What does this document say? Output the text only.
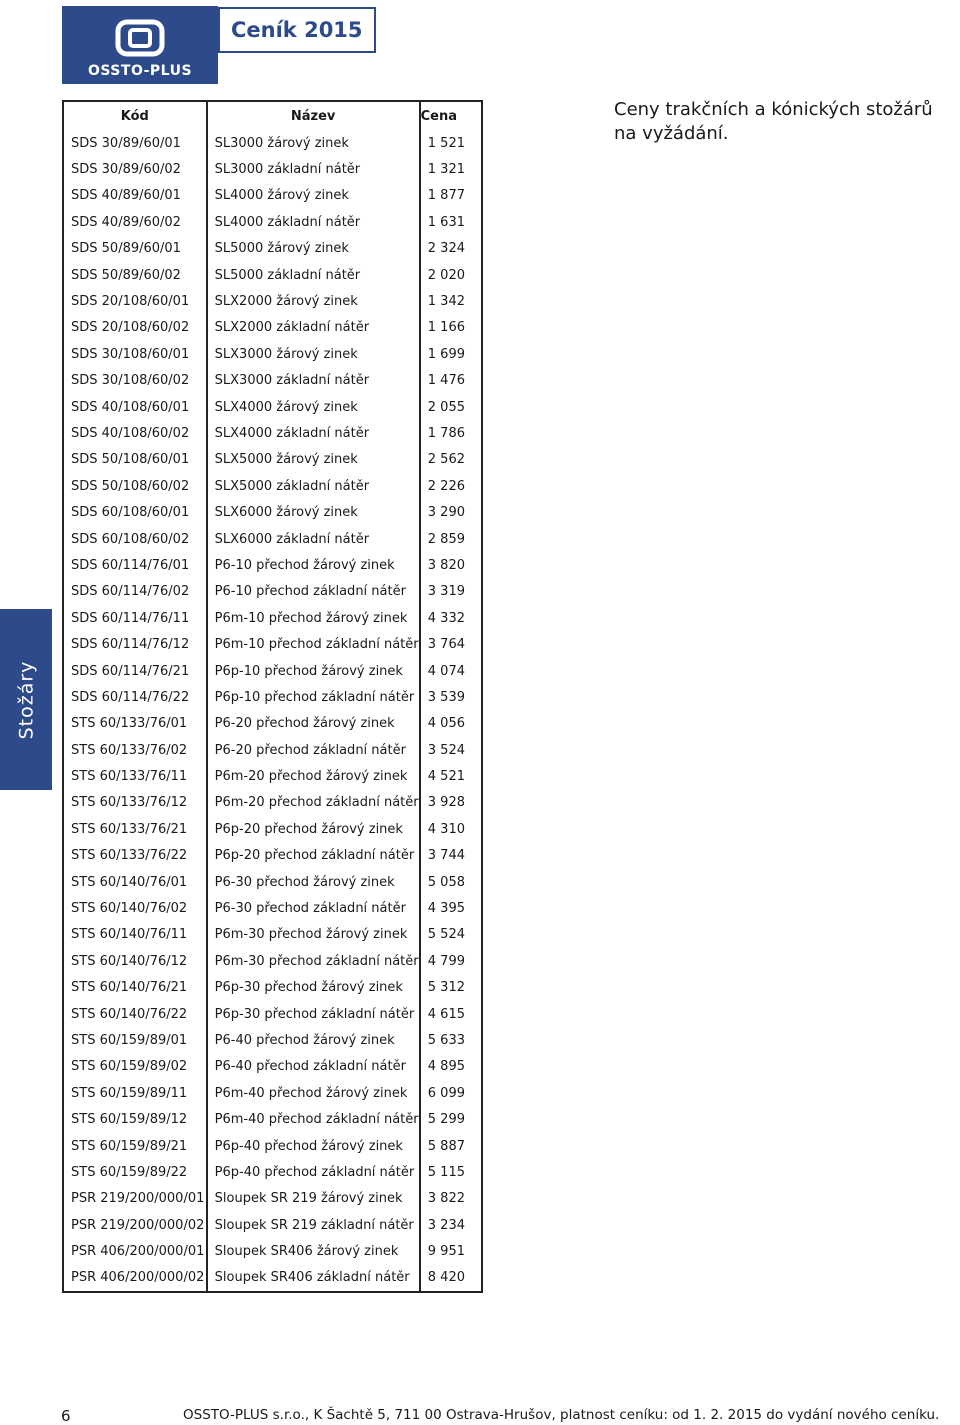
OSSTO-PLUS
Ceník 2015
Stožáry
Kód	Název	Cena
SDS 30/89/60/01	SL3000 žárový zinek	1 521
SDS 30/89/60/02	SL3000 základní nátěr	1 321
SDS 40/89/60/01	SL4000 žárový zinek	1 877
SDS 40/89/60/02	SL4000 základní nátěr	1 631
SDS 50/89/60/01	SL5000 žárový zinek	2 324
SDS 50/89/60/02	SL5000 základní nátěr	2 020
SDS 20/108/60/01	SLX2000 žárový zinek	1 342
SDS 20/108/60/02	SLX2000 základní nátěr	1 166
SDS 30/108/60/01	SLX3000 žárový zinek	1 699
SDS 30/108/60/02	SLX3000 základní nátěr	1 476
SDS 40/108/60/01	SLX4000 žárový zinek	2 055
SDS 40/108/60/02	SLX4000 základní nátěr	1 786
SDS 50/108/60/01	SLX5000 žárový zinek	2 562
SDS 50/108/60/02	SLX5000 základní nátěr	2 226
SDS 60/108/60/01	SLX6000 žárový zinek	3 290
SDS 60/108/60/02	SLX6000 základní nátěr	2 859
SDS 60/114/76/01	P6-10 přechod žárový zinek	3 820
SDS 60/114/76/02	P6-10 přechod základní nátěr	3 319
SDS 60/114/76/11	P6m-10 přechod žárový zinek	4 332
SDS 60/114/76/12	P6m-10 přechod základní nátěr	3 764
SDS 60/114/76/21	P6p-10 přechod žárový zinek	4 074
SDS 60/114/76/22	P6p-10 přechod základní nátěr	3 539
STS 60/133/76/01	P6-20 přechod žárový zinek	4 056
STS 60/133/76/02	P6-20 přechod základní nátěr	3 524
STS 60/133/76/11	P6m-20 přechod žárový zinek	4 521
STS 60/133/76/12	P6m-20 přechod základní nátěr	3 928
STS 60/133/76/21	P6p-20 přechod žárový zinek	4 310
STS 60/133/76/22	P6p-20 přechod základní nátěr	3 744
STS 60/140/76/01	P6-30 přechod žárový zinek	5 058
STS 60/140/76/02	P6-30 přechod základní nátěr	4 395
STS 60/140/76/11	P6m-30 přechod žárový zinek	5 524
STS 60/140/76/12	P6m-30 přechod základní nátěr	4 799
STS 60/140/76/21	P6p-30 přechod žárový zinek	5 312
STS 60/140/76/22	P6p-30 přechod základní nátěr	4 615
STS 60/159/89/01	P6-40 přechod žárový zinek	5 633
STS 60/159/89/02	P6-40 přechod základní nátěr	4 895
STS 60/159/89/11	P6m-40 přechod žárový zinek	6 099
STS 60/159/89/12	P6m-40 přechod základní nátěr	5 299
STS 60/159/89/21	P6p-40 přechod žárový zinek	5 887
STS 60/159/89/22	P6p-40 přechod základní nátěr	5 115
PSR 219/200/000/01	Sloupek SR 219 žárový zinek	3 822
PSR 219/200/000/02	Sloupek SR 219 základní nátěr	3 234
PSR 406/200/000/01	Sloupek SR406 žárový zinek	9 951
PSR 406/200/000/02	Sloupek SR406 základní nátěr	8 420
Ceny trakčních a kónických stožárů na vyžádání.
6	OSSTO-PLUS s.r.o., K Šachtě 5, 711 00 Ostrava-Hrušov, platnost ceníku: od 1. 2. 2015 do vydání nového ceníku.
